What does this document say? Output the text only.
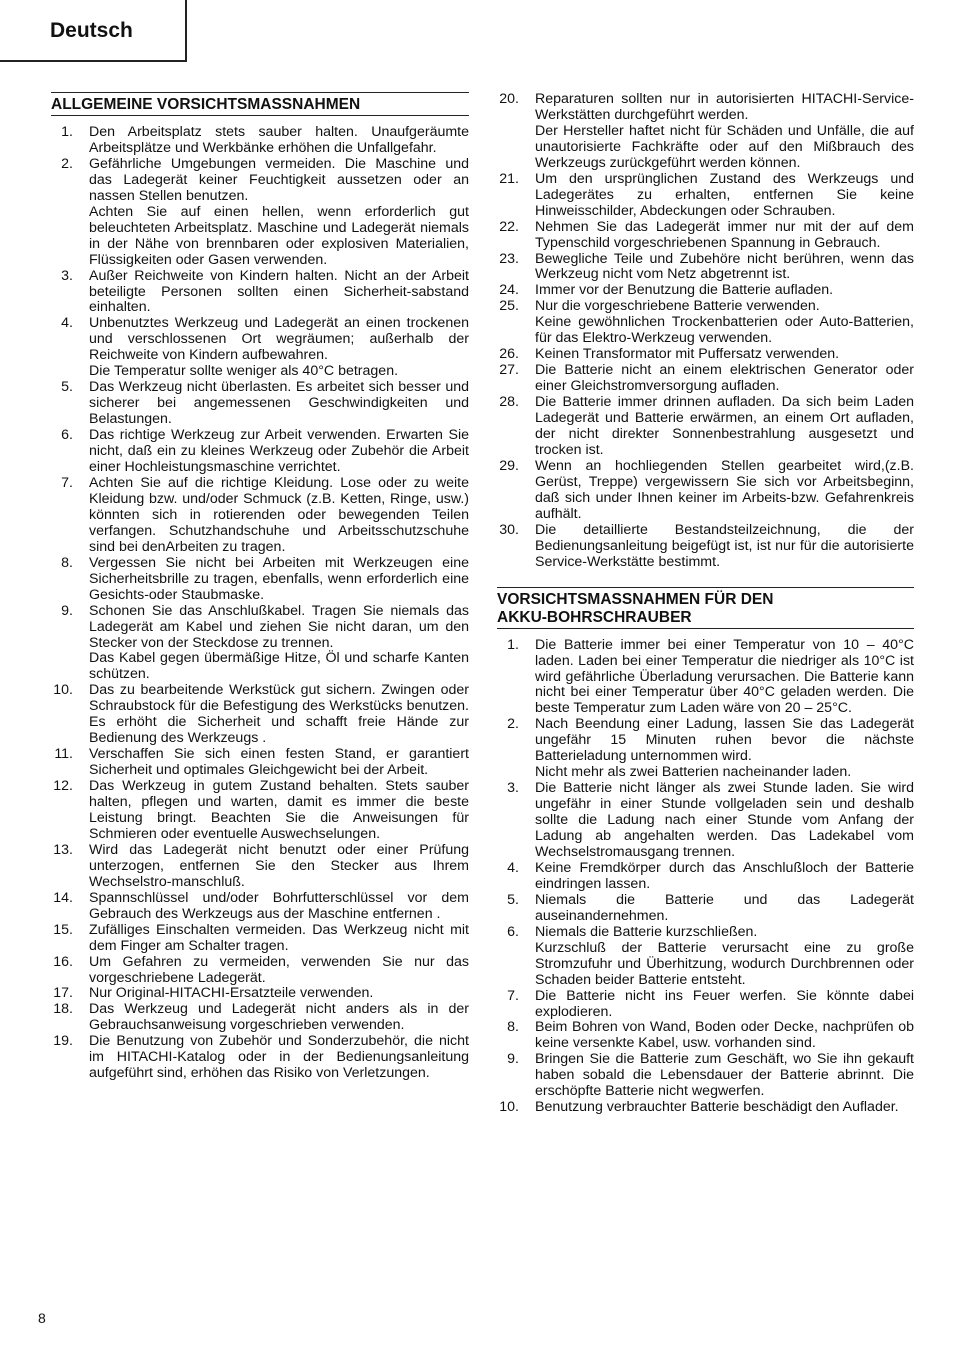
Deutsch
ALLGEMEINE VORSICHTSMASSNAHMEN
1. Den Arbeitsplatz stets sauber halten. Unaufgeräumte Arbeitsplätze und Werkbänke erhöhen die Unfallgefahr.
2. Gefährliche Umgebungen vermeiden. Die Maschine und das Ladegerät keiner Feuchtigkeit aussetzen oder an nassen Stellen benutzen.
Achten Sie auf einen hellen, wenn erforderlich gut beleuchteten Arbeitsplatz. Maschine und Ladegerät niemals in der Nähe von brennbaren oder explosiven Materialien, Flüssigkeiten oder Gasen verwenden.
3. Außer Reichweite von Kindern halten. Nicht an der Arbeit beteiligte Personen sollten einen Sicherheit-sabstand einhalten.
4. Unbenutztes Werkzeug und Ladegerät an einen trockenen und verschlossenen Ort wegräumen; außerhalb der Reichweite von Kindern aufbewahren.
Die Temperatur sollte weniger als 40°C betragen.
5. Das Werkzeug nicht überlasten. Es arbeitet sich besser und sicherer bei angemessenen Geschwindigkeiten und Belastungen.
6. Das richtige Werkzeug zur Arbeit verwenden. Erwarten Sie nicht, daß ein zu kleines Werkzeug oder Zubehör die Arbeit einer Hochleistungsmaschine verrichtet.
7. Achten Sie auf die richtige Kleidung. Lose oder zu weite Kleidung bzw. und/oder Schmuck (z.B. Ketten, Ringe, usw.) könnten sich in rotierenden oder bewegenden Teilen verfangen. Schutzhandschuhe und Arbeitsschutzschuhe sind bei denArbeiten zu tragen.
8. Vergessen Sie nicht bei Arbeiten mit Werkzeugen eine Sicherheitsbrille zu tragen, ebenfalls, wenn erforderlich eine Gesichts-oder Staubmaske.
9. Schonen Sie das Anschlußkabel. Tragen Sie niemals das Ladegerät am Kabel und ziehen Sie nicht daran, um den Stecker von der Steckdose zu trennen.
Das Kabel gegen übermäßige Hitze, Öl und scharfe Kanten schützen.
10. Das zu bearbeitende Werkstück gut sichern. Zwingen oder Schraubstock für die Befestigung des Werkstücks benutzen. Es erhöht die Sicherheit und schafft freie Hände zur Bedienung des Werkzeugs .
11. Verschaffen Sie sich einen festen Stand, er garantiert Sicherheit und optimales Gleichgewicht bei der Arbeit.
12. Das Werkzeug in gutem Zustand behalten. Stets sauber halten, pflegen und warten, damit es immer die beste Leistung bringt. Beachten Sie die Anweisungen für Schmieren oder eventuelle Auswechselungen.
13. Wird das Ladegerät nicht benutzt oder einer Prüfung unterzogen, entfernen Sie den Stecker aus Ihrem Wechselstro-manschluß.
14. Spannschlüssel und/oder Bohrfutterschlüssel vor dem Gebrauch des Werkzeugs aus der Maschine entfernen .
15. Zufälliges Einschalten vermeiden. Das Werkzeug nicht mit dem Finger am Schalter tragen.
16. Um Gefahren zu vermeiden, verwenden Sie nur das vorgeschriebene Ladegerät.
17. Nur Original-HITACHI-Ersatzteile verwenden.
18. Das Werkzeug und Ladegerät nicht anders als in der Gebrauchsanweisung vorgeschrieben verwenden.
19. Die Benutzung von Zubehör und Sonderzubehör, die nicht im HITACHI-Katalog oder in der Bedienungsanleitung aufgeführt sind, erhöhen das Risiko von Verletzungen.
20. Reparaturen sollten nur in autorisierten HITACHI-Service-Werkstätten durchgeführt werden.
Der Hersteller haftet nicht für Schäden und Unfälle, die auf unautorisierte Fachkräfte oder auf den Mißbrauch des Werkzeugs zurückgeführt werden können.
21. Um den ursprünglichen Zustand des Werkzeugs und Ladegerätes zu erhalten, entfernen Sie keine Hinweisschilder, Abdeckungen oder Schrauben.
22. Nehmen Sie das Ladegerät immer nur mit der auf dem Typenschild vorgeschriebenen Spannung in Gebrauch.
23. Bewegliche Teile und Zubehöre nicht berühren, wenn das Werkzeug nicht vom Netz abgetrennt ist.
24. Immer vor der Benutzung die Batterie aufladen.
25. Nur die vorgeschriebene Batterie verwenden.
Keine gewöhnlichen Trockenbatterien oder Auto-Batterien, für das Elektro-Werkzeug verwenden.
26. Keinen Transformator mit Puffersatz verwenden.
27. Die Batterie nicht an einem elektrischen Generator oder einer Gleichstromversorgung aufladen.
28. Die Batterie immer drinnen aufladen. Da sich beim Laden Ladegerät und Batterie erwärmen, an einem Ort aufladen, der nicht direkter Sonnenbestrahlung ausgesetzt und trocken ist.
29. Wenn an hochliegenden Stellen gearbeitet wird,(z.B. Gerüst, Treppe) vergewissern Sie sich vor Arbeitsbeginn, daß sich under Ihnen keiner im Arbeits-bzw. Gefahrenkreis aufhält.
30. Die detaillierte Bestandsteilzeichnung, die der Bedienungsanleitung beigefügt ist, ist nur für die autorisierte Service-Werkstätte bestimmt.
VORSICHTSMASSNAHMEN FÜR DEN
AKKU-BOHRSCHRAUBER
1. Die Batterie immer bei einer Temperatur von 10 – 40°C laden. Laden bei einer Temperatur die niedriger als 10°C ist wird gefährliche Überladung verursachen. Die Batterie kann nicht bei einer Temperatur über 40°C geladen werden. Die beste Temperatur zum Laden wäre von 20 – 25°C.
2. Nach Beendung einer Ladung, lassen Sie das Ladegerät ungefähr 15 Minuten ruhen bevor die nächste Batterieladung unternommen wird.
Nicht mehr als zwei Batterien nacheinander laden.
3. Die Batterie nicht länger als zwei Stunde laden. Sie wird ungefähr in einer Stunde vollgeladen sein und deshalb sollte die Ladung nach einer Stunde vom Anfang der Ladung ab angehalten werden. Das Ladekabel vom Wechselstromausgang trennen.
4. Keine Fremdkörper durch das Anschlußloch der Batterie eindringen lassen.
5. Niemals die Batterie und das Ladegerät auseinandernehmen.
6. Niemals die Batterie kurzschließen.
Kurzschluß der Batterie verursacht eine zu große Stromzufuhr und Überhitzung, wodurch Durchbrennen oder Schaden beider Batterie entsteht.
7. Die Batterie nicht ins Feuer werfen. Sie könnte dabei explodieren.
8. Beim Bohren von Wand, Boden oder Decke, nachprüfen ob keine versenkte Kabel, usw. vorhanden sind.
9. Bringen Sie die Batterie zum Geschäft, wo Sie ihn gekauft haben sobald die Lebensdauer der Batterie abrinnt. Die erschöpfte Batterie nicht wegwerfen.
10. Benutzung verbrauchter Batterie beschädigt den Auflader.
8
